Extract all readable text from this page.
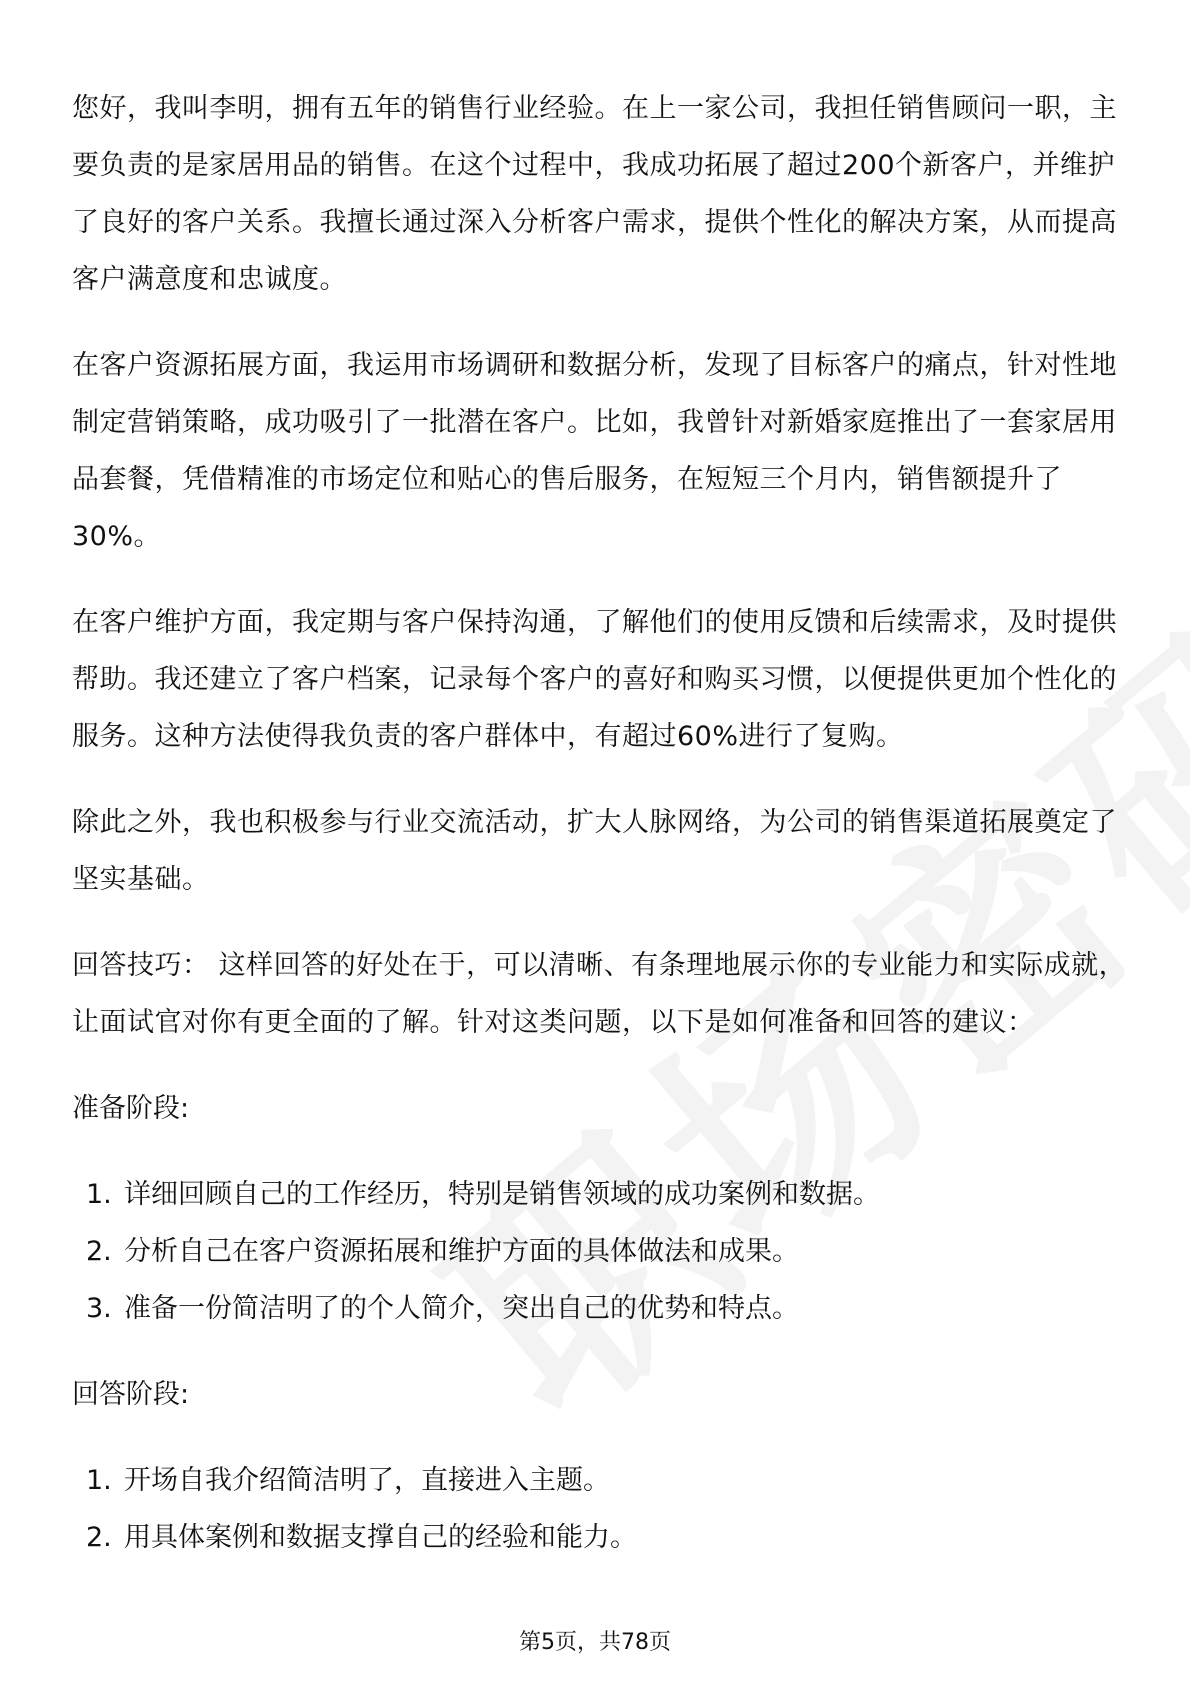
您好，我叫李明，拥有五年的销售行业经验。在上一家公司，我担任销售顾问一职，主要负责的是家居用品的销售。在这个过程中，我成功拓展了超过200个新客户，并维护了良好的客户关系。我擅长通过深入分析客户需求，提供个性化的解决方案，从而提高客户满意度和忠诚度。

在客户资源拓展方面，我运用市场调研和数据分析，发现了目标客户的痛点，针对性地制定营销策略，成功吸引了一批潜在客户。比如，我曾针对新婚家庭推出了一套家居用品套餐，凭借精准的市场定位和贴心的售后服务，在短短三个月内，销售额提升了30%。

在客户维护方面，我定期与客户保持沟通，了解他们的使用反馈和后续需求，及时提供帮助。我还建立了客户档案，记录每个客户的喜好和购买习惯，以便提供更加个性化的服务。这种方法使得我负责的客户群体中，有超过60%进行了复购。

除此之外，我也积极参与行业交流活动，扩大人脉网络，为公司的销售渠道拓展奠定了坚实基础。

回答技巧： 这样回答的好处在于，可以清晰、有条理地展示你的专业能力和实际成就，让面试官对你有更全面的了解。针对这类问题，以下是如何准备和回答的建议：

准备阶段:
1. 详细回顾自己的工作经历，特别是销售领域的成功案例和数据。
2. 分析自己在客户资源拓展和维护方面的具体做法和成果。
3. 准备一份简洁明了的个人简介，突出自己的优势和特点。
回答阶段:
1. 开场自我介绍简洁明了，直接进入主题。
2. 用具体案例和数据支撑自己的经验和能力。
第5页，共78页
